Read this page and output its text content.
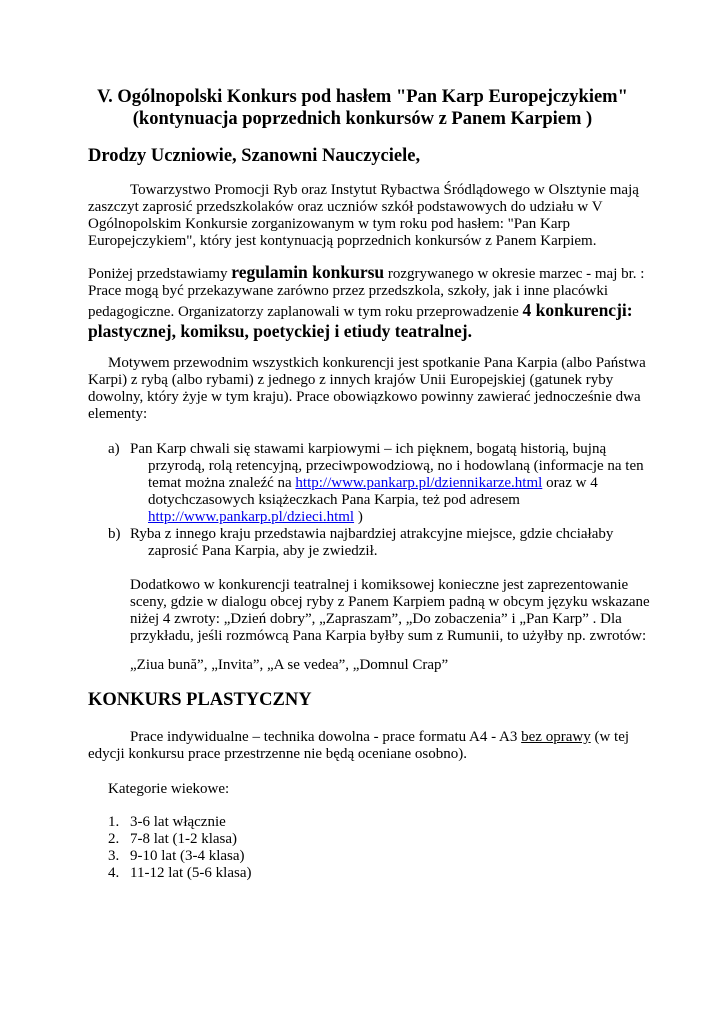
V. Ogólnopolski Konkurs pod hasłem "Pan Karp Europejczykiem"
(kontynuacja poprzednich konkursów z Panem Karpiem )
Drodzy Uczniowie, Szanowni Nauczyciele,
Towarzystwo Promocji Ryb oraz Instytut Rybactwa Śródlądowego w Olsztynie mają
zaszczyt zaprosić przedszkolaków oraz uczniów szkół podstawowych do udziału w V
Ogólnopolskim Konkursie zorganizowanym w tym roku pod hasłem: "Pan Karp
Europejczykiem", który jest kontynuacją poprzednich konkursów z Panem Karpiem.
Poniżej przedstawiamy regulamin konkursu rozgrywanego w okresie marzec - maj br. :
Prace mogą być przekazywane zarówno przez przedszkola, szkoły, jak i inne placówki
pedagogiczne. Organizatorzy zaplanowali w tym roku przeprowadzenie 4 konkurencji:
plastycznej, komiksu, poetyckiej i etiudy teatralnej.
Motywem przewodnim wszystkich konkurencji jest spotkanie Pana Karpia (albo Państwa
Karpi) z rybą (albo rybami) z jednego z innych krajów Unii Europejskiej (gatunek ryby
dowolny, który żyje w tym kraju). Prace obowiązkowo powinny zawierać jednocześnie dwa
elementy:
a) Pan Karp chwali się stawami karpiowymi – ich pięknem, bogatą historią, bujną
przyrodą, rolą retencyjną, przeciwpowodziową, no i hodowlaną (informacje na ten
temat można znaleźć na http://www.pankarp.pl/dziennikarze.html oraz w 4
dotychczasowych książeczkach Pana Karpia, też pod adresem
http://www.pankarp.pl/dzieci.html )
b) Ryba z innego kraju przedstawia najbardziej atrakcyjne miejsce, gdzie chciałaby
zaprosić Pana Karpia, aby je zwiedził.
Dodatkowo w konkurencji teatralnej i komiksowej konieczne jest zaprezentowanie
sceny, gdzie w dialogu obcej ryby z Panem Karpiem padną w obcym języku wskazane
niżej 4 zwroty: „Dzień dobry”, „Zapraszam”, „Do zobaczenia” i „Pan Karp” . Dla
przykładu, jeśli rozmówcą Pana Karpia byłby sum z Rumunii, to użyłby np. zwrotów:
„Ziua bună”, „Invita”, „A se vedea”, „Domnul Crap”
KONKURS PLASTYCZNY
Prace indywidualne – technika dowolna - prace formatu A4 - A3 bez oprawy (w tej
edycji konkursu prace przestrzenne nie będą oceniane osobno).
Kategorie wiekowe:
1. 3-6 lat włącznie
2. 7-8 lat (1-2 klasa)
3. 9-10 lat (3-4 klasa)
4. 11-12 lat (5-6 klasa)
